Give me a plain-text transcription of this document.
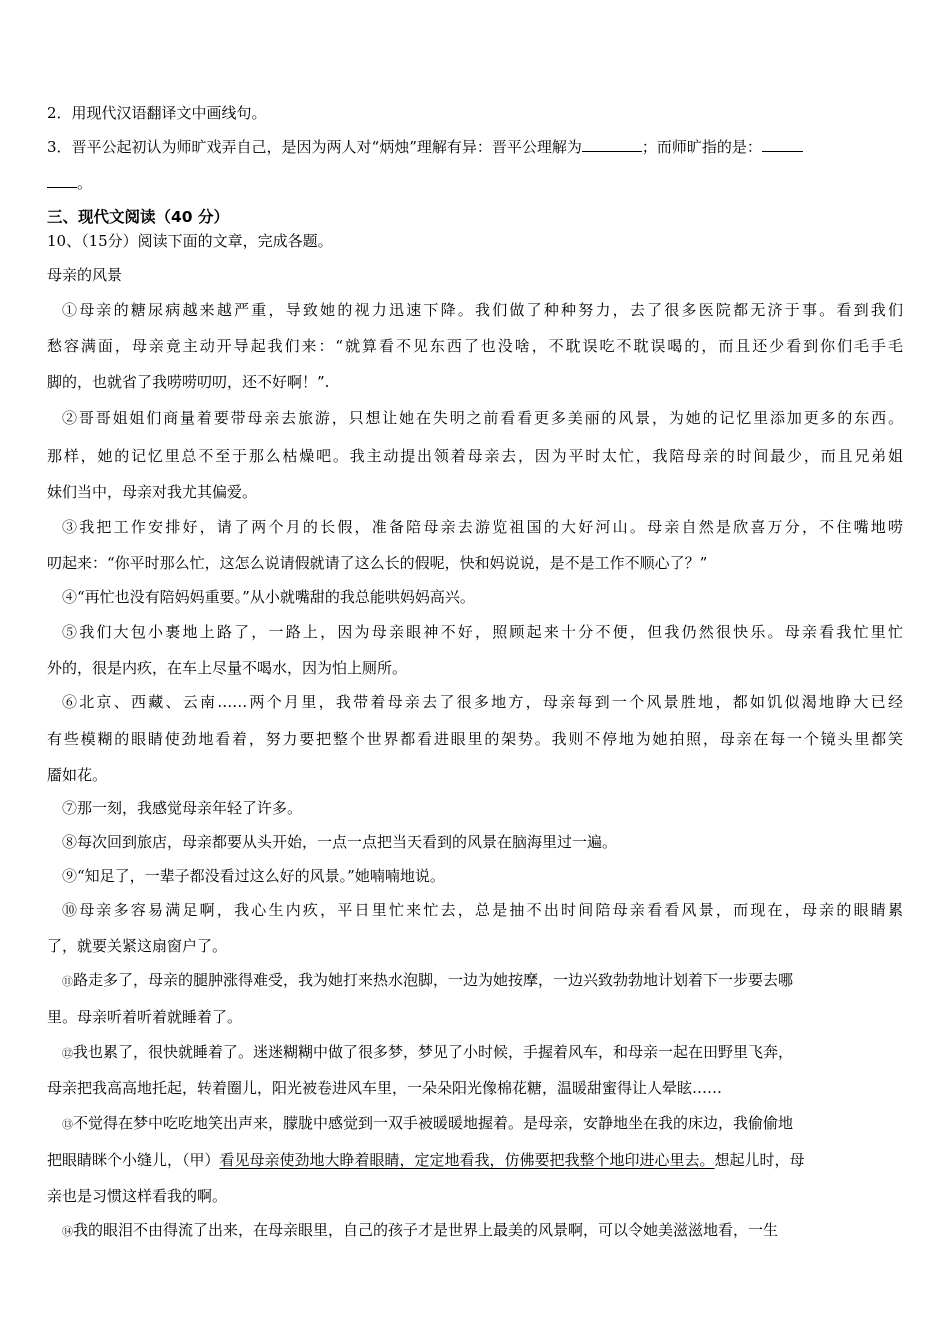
2．用现代汉语翻译文中画线句。
3．晋平公起初认为师旷戏弄自己，是因为两人对“炳烛”理解有异：晋平公理解为	；而师旷指的是：
。
三、现代文阅读（40 分）
10、（15分）阅读下面的文章，完成各题。
母亲的风景
①母亲的糖尿病越来越严重，导致她的视力迅速下降。我们做了种种努力，去了很多医院都无济于事。看到我们
愁容满面，母亲竟主动开导起我们来：“就算看不见东西了也没啥，不耽误吃不耽误喝的，而且还少看到你们毛手毛
脚的，也就省了我唠唠叨叨，还不好啊！”.
②哥哥姐姐们商量着要带母亲去旅游，只想让她在失明之前看看更多美丽的风景，为她的记忆里添加更多的东西。
那样，她的记忆里总不至于那么枯燥吧。我主动提出领着母亲去，因为平时太忙，我陪母亲的时间最少，而且兄弟姐
妹们当中，母亲对我尤其偏爱。
③我把工作安排好，请了两个月的长假，准备陪母亲去游览祖国的大好河山。母亲自然是欣喜万分，不住嘴地唠
叨起来：“你平时那么忙，这怎么说请假就请了这么长的假呢，快和妈说说，是不是工作不顺心了？”
④“再忙也没有陪妈妈重要。”从小就嘴甜的我总能哄妈妈高兴。
⑤我们大包小裹地上路了，一路上，因为母亲眼神不好，照顾起来十分不便，但我仍然很快乐。母亲看我忙里忙
外的，很是内疚，在车上尽量不喝水，因为怕上厕所。
⑥北京、西藏、云南……两个月里，我带着母亲去了很多地方，母亲每到一个风景胜地，都如饥似渴地睁大已经
有些模糊的眼睛使劲地看着，努力要把整个世界都看进眼里的架势。我则不停地为她拍照，母亲在每一个镜头里都笑
靥如花。
⑦那一刻，我感觉母亲年轻了许多。
⑧每次回到旅店，母亲都要从头开始，一点一点把当天看到的风景在脑海里过一遍。
⑨“知足了，一辈子都没看过这么好的风景。”她喃喃地说。
⑩母亲多容易满足啊，我心生内疚，平日里忙来忙去，总是抽不出时间陪母亲看看风景，而现在，母亲的眼睛累
了，就要关紧这扇窗户了。
⑪路走多了，母亲的腿肿涨得难受，我为她打来热水泡脚，一边为她按摩，一边兴致勃勃地计划着下一步要去哪
里。母亲听着听着就睡着了。
⑫我也累了，很快就睡着了。迷迷糊糊中做了很多梦，梦见了小时候，手握着风车，和母亲一起在田野里飞奔，
母亲把我高高地托起，转着圈儿，阳光被卷进风车里，一朵朵阳光像棉花糖，温暖甜蜜得让人晕眩……
⑬不觉得在梦中吃吃地笑出声来，朦胧中感觉到一双手被暖暖地握着。是母亲，安静地坐在我的床边，我偷偷地
把眼睛眯个小缝儿，（甲）看见母亲使劲地大睁着眼睛，定定地看我，仿佛要把我整个地印进心里去。想起儿时，母
亲也是习惯这样看我的啊。
⑭我的眼泪不由得流了出来，在母亲眼里，自己的孩子才是世界上最美的风景啊，可以令她美滋滋地看，一生
